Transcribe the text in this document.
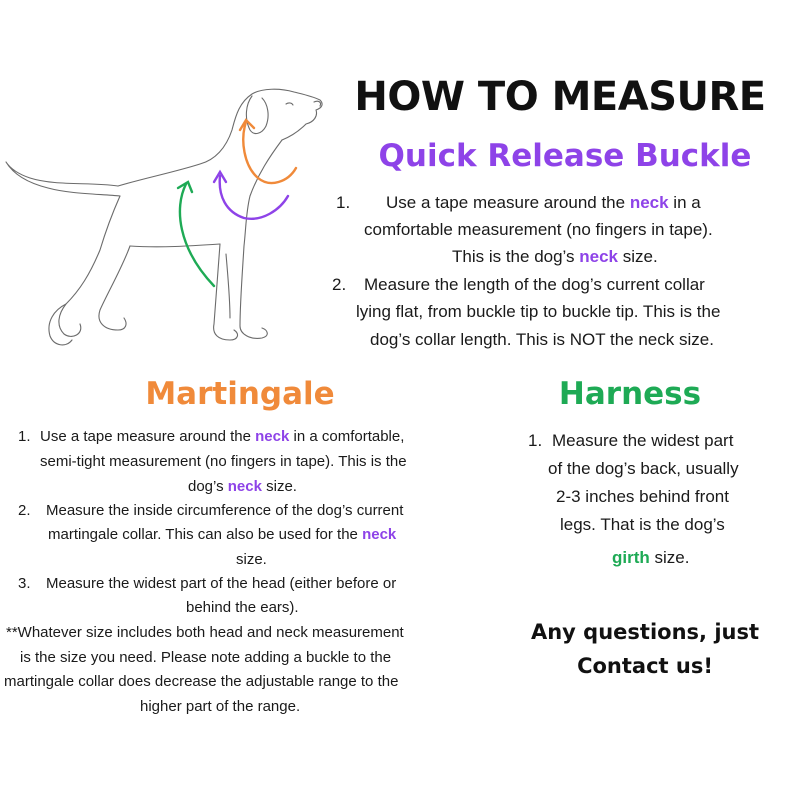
HOW TO MEASURE
Quick Release Buckle
1. Use a tape measure around the neck in a
comfortable measurement (no fingers in tape).
This is the dog’s neck size.
2. Measure the length of the dog’s current collar
lying flat, from buckle tip to buckle tip. This is the
dog’s collar length. This is NOT the neck size.
Martingale
1. Use a tape measure around the neck in a comfortable,
semi-tight measurement (no fingers in tape). This is the
dog’s neck size.
2. Measure the inside circumference of the dog’s current
martingale collar. This can also be used for the neck
size.
3. Measure the widest part of the head (either before or
behind the ears).
**Whatever size includes both head and neck measurement
is the size you need. Please note adding a buckle to the
martingale collar does decrease the adjustable range to the
higher part of the range.
Harness
1. Measure the widest part
of the dog’s back, usually
2-3 inches behind front
legs. That is the dog’s
girth size.
Any questions, just
Contact us!
